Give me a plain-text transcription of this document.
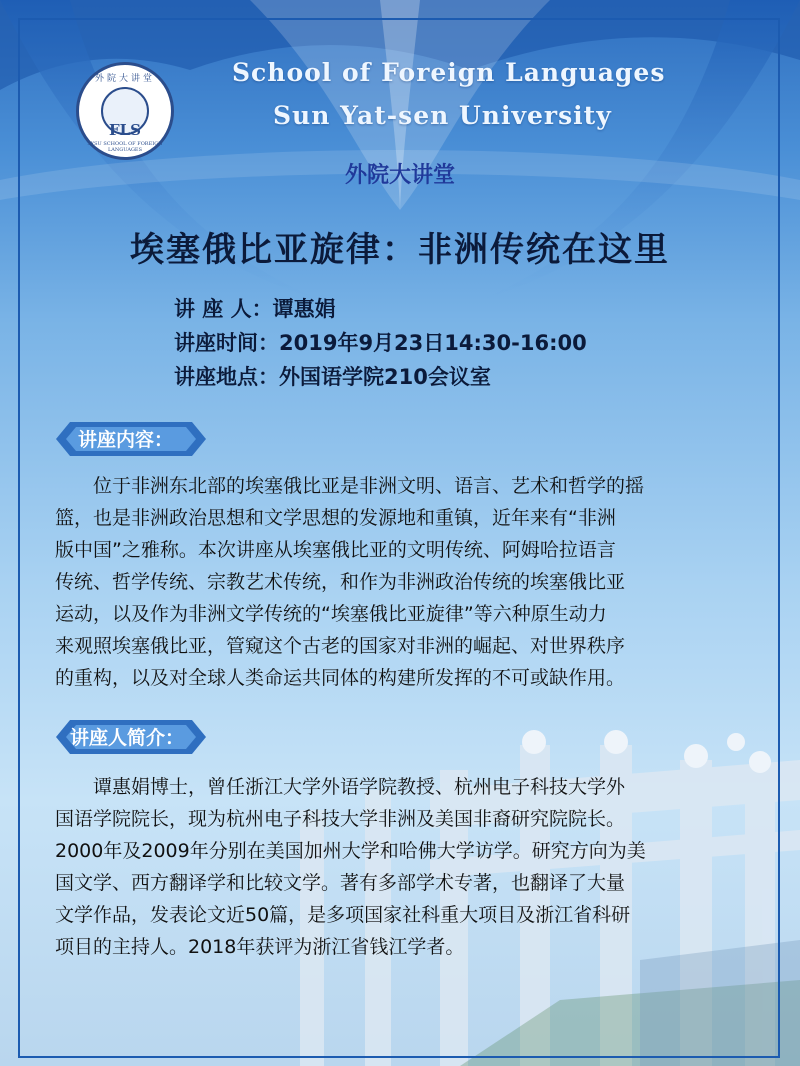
外院大讲堂
FLS
SYSU SCHOOL OF FOREIGN LANGUAGES
School of Foreign Languages
Sun Yat-sen University
外院大讲堂
埃塞俄比亚旋律：非洲传统在这里
讲 座 人：谭惠娟
讲座时间：2019年9月23日14:30-16:00
讲座地点：外国语学院210会议室
讲座内容：
位于非洲东北部的埃塞俄比亚是非洲文明、语言、艺术和哲学的摇
篮，也是非洲政治思想和文学思想的发源地和重镇，近年来有“非洲
版中国”之雅称。本次讲座从埃塞俄比亚的文明传统、阿姆哈拉语言
传统、哲学传统、宗教艺术传统，和作为非洲政治传统的埃塞俄比亚
运动，以及作为非洲文学传统的“埃塞俄比亚旋律”等六种原生动力
来观照埃塞俄比亚，管窥这个古老的国家对非洲的崛起、对世界秩序
的重构，以及对全球人类命运共同体的构建所发挥的不可或缺作用。
讲座人简介：
谭惠娟博士，曾任浙江大学外语学院教授、杭州电子科技大学外
国语学院院长，现为杭州电子科技大学非洲及美国非裔研究院院长。
2000年及2009年分别在美国加州大学和哈佛大学访学。研究方向为美
国文学、西方翻译学和比较文学。著有多部学术专著，也翻译了大量
文学作品，发表论文近50篇，是多项国家社科重大项目及浙江省科研
项目的主持人。2018年获评为浙江省钱江学者。
